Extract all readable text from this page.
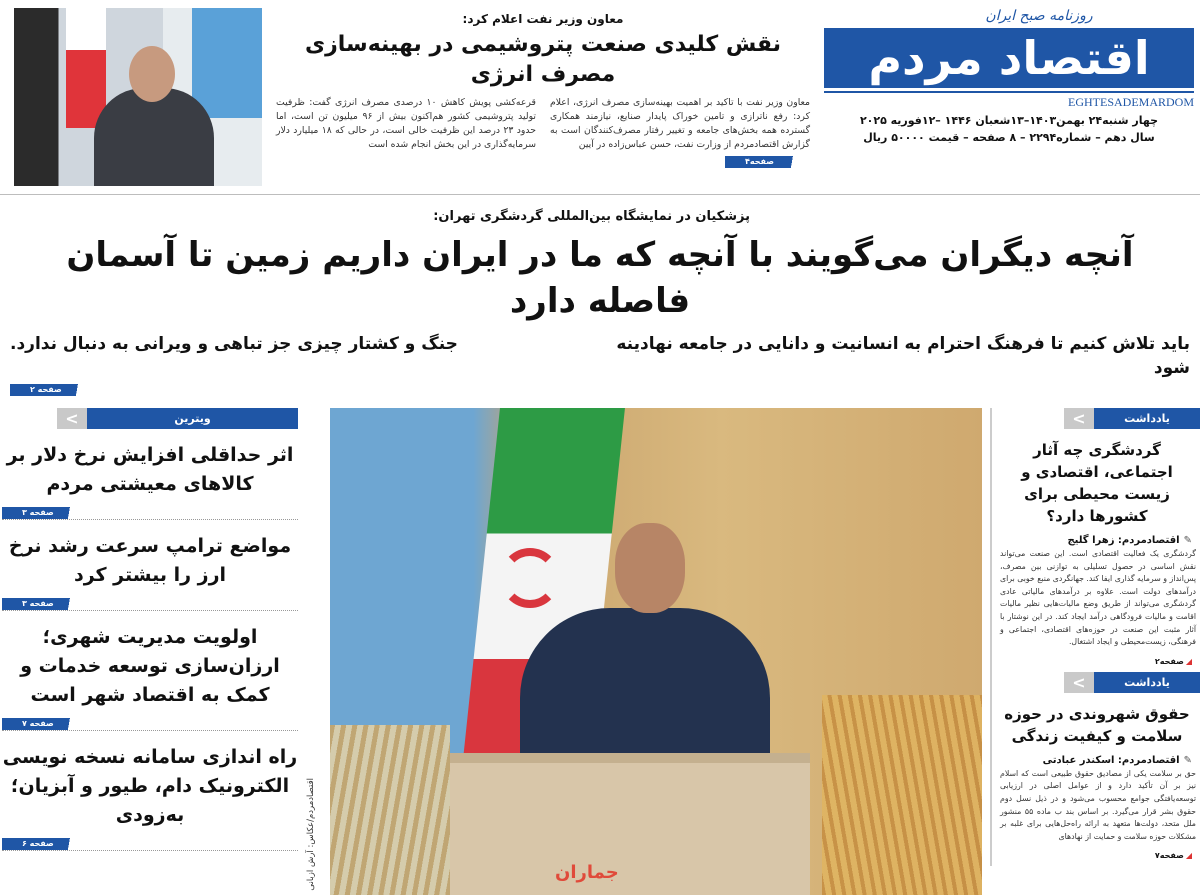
روزنامه صبح ایران
اقتصاد مردم
EGHTESADEMARDOM
چهار شنبه۲۴ بهمن۱۴۰۳–۱۳شعبان ۱۴۴۶ –۱۲فوریه ۲۰۲۵
سال دهم – شماره۲۲۹۴ – ۸ صفحه – قیمت ۵۰۰۰۰ ریال
معاون وزیر نفت اعلام کرد:
نقش کلیدی صنعت پتروشیمی در بهینه‌سازی مصرف انرژی

معاون وزیر نفت با تاکید بر اهمیت بهینه‌سازی مصرف انرژی، اعلام کرد: رفع ناترازی و تامین خوراک پایدار صنایع، نیازمند همکاری گسترده همه بخش‌های جامعه و تغییر رفتار مصرف‌کنندگان است به گزارش اقتصادمردم از وزارت نفت، حسن عباس‌زاده در آیین

قرعه‌کشی پویش کاهش ۱۰ درصدی مصرف انرژی گفت: ظرفیت تولید پتروشیمی کشور هم‌اکنون بیش از ۹۶ میلیون تن است، اما حدود ۲۳ درصد این ظرفیت خالی است، در حالی که ۱۸ میلیارد دلار سرمایه‌گذاری در این بخش انجام شده است

صفحه۴
پزشکیان در نمایشگاه بین‌المللی گردشگری تهران:
آنچه دیگران می‌گویند با آنچه که ما در ایران داریم زمین تا آسمان فاصله دارد
باید تلاش کنیم تا فرهنگ احترام به انسانیت و دانایی در جامعه نهادینه شود
جنگ و کشتار چیزی جز تباهی و ویرانی به دنبال ندارد.
صفحه ۲
<	یادداشت
گردشگری چه آثار اجتماعی، اقتصادی و زیست محیطی برای کشورها دارد؟
✎اقتصادمردم: زهرا گلیج
گردشگری یک فعالیت اقتصادی است. این صنعت می‌تواند نقش اساسی در حصول تسلیلی به توازنی بین مصرف، پس‌انداز و سرمایه گذاری ایفا کند. جهانگردی منبع خوبی برای درآمدهای دولت است. علاوه بر درآمدهای مالیاتی عادی گردشگری می‌تواند از طریق وضع مالیات‌هایی نظیر مالیات اقامت و مالیات فرودگاهی درآمد ایجاد کند. در این نوشتار با آثار مثبت این صنعت در حوزه‌های اقتصادی، اجتماعی و فرهنگی، زیست‌محیطی و ایجاد اشتغال.
◢صفحه۲
<	یادداشت
حقوق شهروندی در حوزه سلامت و کیفیت زندگی
✎اقتصادمردم: اسکندر عبادتی
حق بر سلامت یکی از مصادیق حقوق طبیعی است که اسلام نیز بر آن تأکید دارد و از عوامل اصلی در ارزیابی توسعه‌یافتگی جوامع محسوب می‌شود و در ذیل نسل دوم حقوق بشر قرار می‌گیرد. بر اساس بند ب ماده ۵۵ منشور ملل متحد، دولت‌ها متعهد به ارائه راه‌حل‌هایی برای غلبه بر مشکلات حوزه سلامت و حمایت از نهادهای
◢صفحه۷
جماران
اقتصادمردم/عکاس: آرش ازبانی
<	ویترین
اثر حداقلی افزایش نرخ دلار بر کالاهای معیشتی مردم
صفحه ۳
مواضع ترامپ سرعت رشد نرخ ارز را بیشتر کرد
صفحه ۳
اولویت مدیریت شهری؛ ارزان‌سازی توسعه خدمات و کمک به اقتصاد شهر است
صفحه ۷
راه اندازی سامانه نسخه نویسی الکترونیک دام، طیور و آبزیان؛ به‌زودی
صفحه ۶
